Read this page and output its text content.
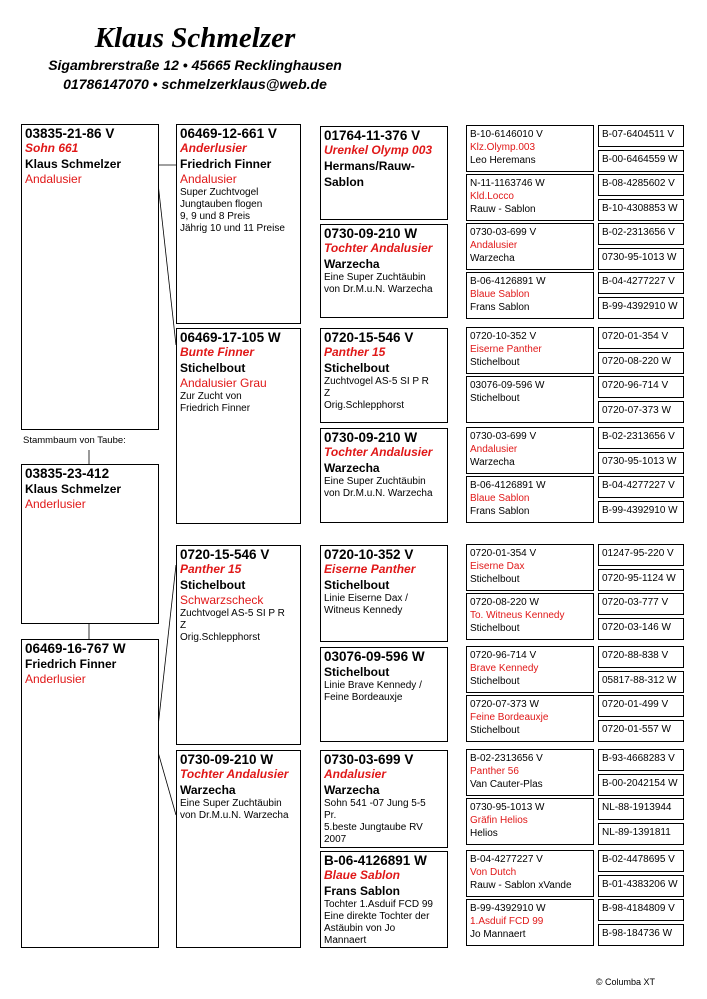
Klaus Schmelzer
Sigambrerstraße 12 • 45665 Recklinghausen
01786147070 • schmelzerklaus@web.de
03835-21-86 V
Sohn 661
Klaus Schmelzer
Andalusier
Stammbaum von Taube:
03835-23-412
Klaus Schmelzer
Anderlusier
06469-16-767 W
Friedrich Finner
Anderlusier
06469-12-661 V
Anderlusier
Friedrich Finner
Andalusier
Super Zuchtvogel
Jungtauben flogen
9, 9 und 8 Preis
Jährig 10 und 11 Preise
06469-17-105 W
Bunte Finner
Stichelbout
Andalusier Grau
Zur Zucht von
Friedrich Finner
0720-15-546 V
Panther 15
Stichelbout
Schwarzscheck
Zuchtvogel AS-5 SI P R
Z
Orig.Schlepphorst
0730-09-210 W
Tochter Andalusier
Warzecha
Eine Super Zuchtäubin
von Dr.M.u.N. Warzecha
01764-11-376 V
Urenkel Olymp 003
Hermans/Rauw-
Sablon
0730-09-210 W
Tochter Andalusier
Warzecha
Eine Super Zuchtäubin
von Dr.M.u.N. Warzecha
0720-15-546 V
Panther 15
Stichelbout
Zuchtvogel AS-5 SI P R
Z
Orig.Schlepphorst
0730-09-210 W
Tochter Andalusier
Warzecha
Eine Super Zuchtäubin
von Dr.M.u.N. Warzecha
0720-10-352 V
Eiserne Panther
Stichelbout
Linie Eiserne Dax /
Witneus Kennedy
03076-09-596 W
Stichelbout
Linie Brave Kennedy /
Feine Bordeauxje
0730-03-699 V
Andalusier
Warzecha
Sohn 541 -07 Jung 5-5
Pr.
5.beste Jungtaube RV
2007
B-06-4126891 W
Blaue Sablon
Frans Sablon
Tochter 1.Asduif FCD 99
Eine direkte Tochter der
Astäubin von Jo
Mannaert
B-10-6146010 V
Klz.Olymp.003
Leo Heremans
N-11-1163746 W
Kld.Locco
Rauw - Sablon
0730-03-699 V
Andalusier
Warzecha
B-06-4126891 W
Blaue Sablon
Frans Sablon
0720-10-352 V
Eiserne Panther
Stichelbout
03076-09-596 W
Stichelbout
0730-03-699 V
Andalusier
Warzecha
B-06-4126891 W
Blaue Sablon
Frans Sablon
0720-01-354 V
Eiserne Dax
Stichelbout
0720-08-220 W
To. Witneus Kennedy
Stichelbout
0720-96-714 V
Brave Kennedy
Stichelbout
0720-07-373 W
Feine Bordeauxje
Stichelbout
B-02-2313656 V
Panther 56
Van Cauter-Plas
0730-95-1013 W
Gräfin Helios
Helios
B-04-4277227 V
Von Dutch
Rauw - Sablon xVande
B-99-4392910 W
1.Asduif FCD 99
Jo Mannaert
B-07-6404511 V
B-00-6464559 W
B-08-4285602 V
B-10-4308853 W
B-02-2313656 V
0730-95-1013 W
B-04-4277227 V
B-99-4392910 W
0720-01-354 V
0720-08-220 W
0720-96-714 V
0720-07-373 W
B-02-2313656 V
0730-95-1013 W
B-04-4277227 V
B-99-4392910 W
01247-95-220 V
0720-95-1124 W
0720-03-777 V
0720-03-146 W
0720-88-838 V
05817-88-312 W
0720-01-499 V
0720-01-557 W
B-93-4668283 V
B-00-2042154 W
NL-88-1913944
NL-89-1391811
B-02-4478695 V
B-01-4383206 W
B-98-4184809 V
B-98-184736 W
© Columba XT
